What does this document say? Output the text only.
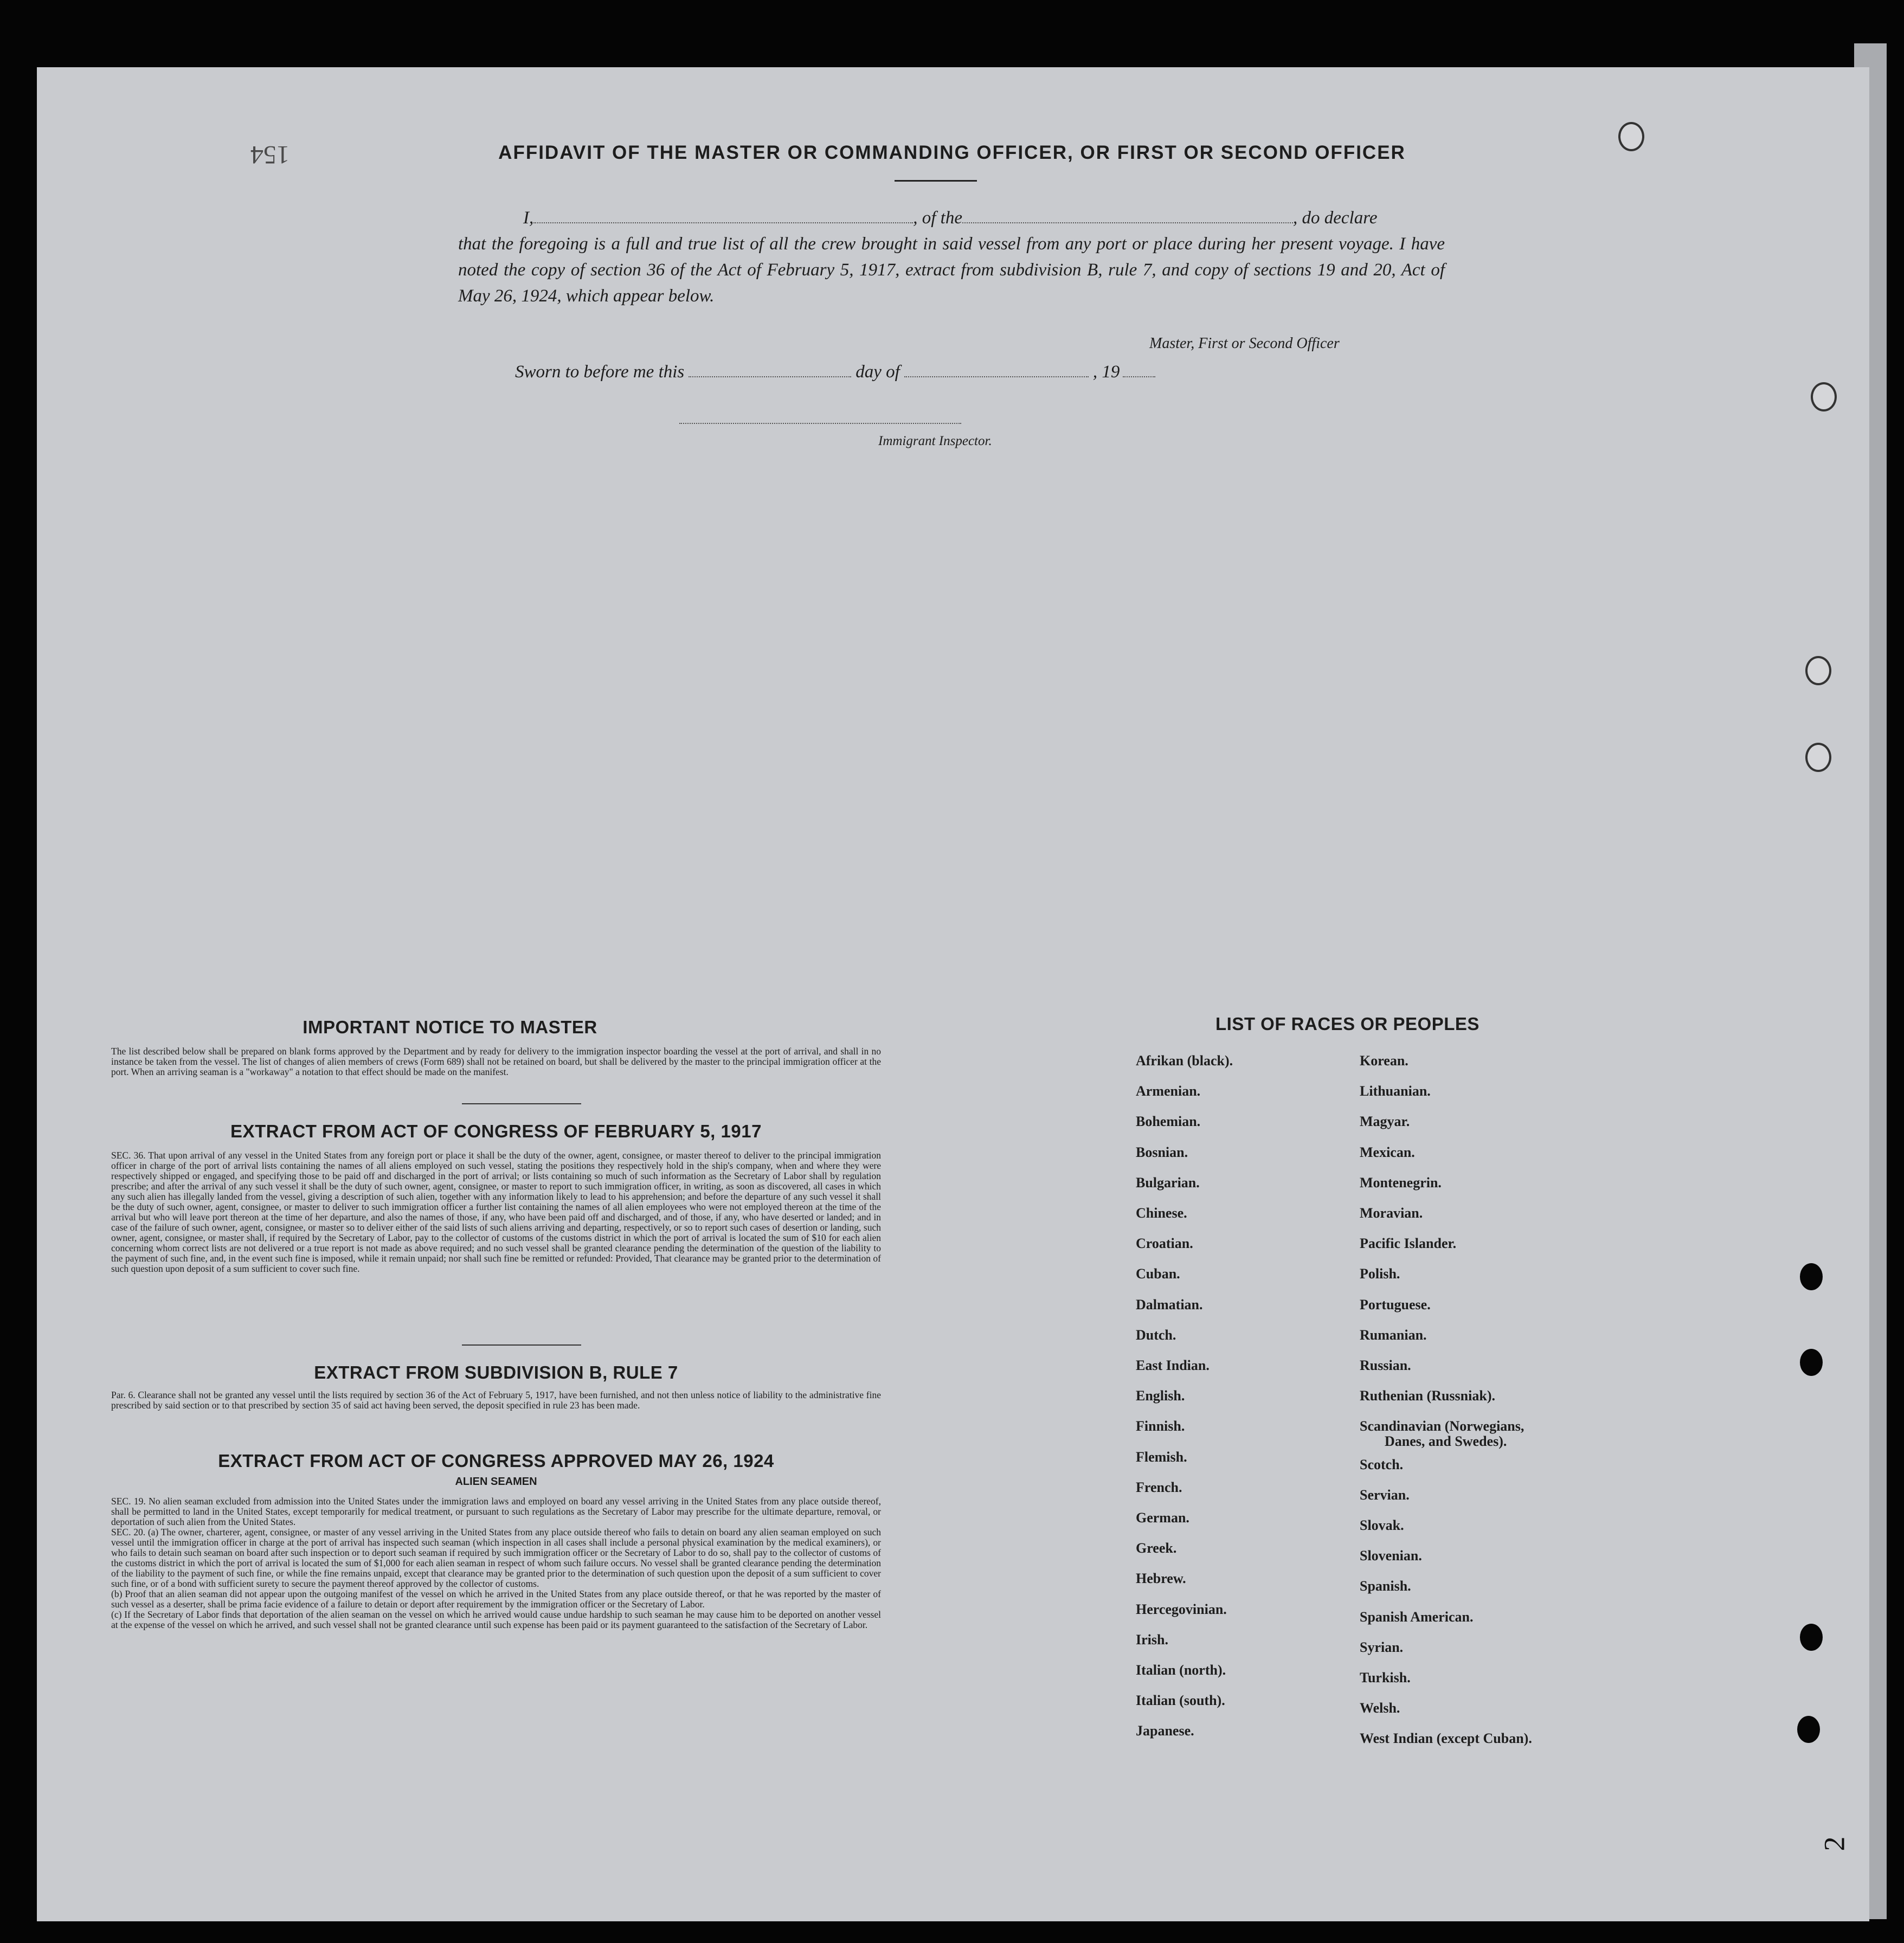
154	AFFIDAVIT OF THE MASTER OR COMMANDING OFFICER, OR FIRST OR SECOND OFFICER
I,	, of the	, do declare
that the foregoing is a full and true list of all the crew brought in said vessel from any port or place during her present voyage. I have noted the copy of section 36 of the Act of February 5, 1917, extract from subdivision B, rule 7, and copy of sections 19 and 20, Act of May 26, 1924, which appear below.
Master, First or Second Officer
Sworn to before me this	day of	, 19
Immigrant Inspector.
IMPORTANT NOTICE TO MASTER
The list described below shall be prepared on blank forms approved by the Department and by ready for delivery to the immigration inspector boarding the vessel at the port of arrival, and shall in no instance be taken from the vessel. The list of changes of alien members of crews (Form 689) shall not be retained on board, but shall be delivered by the master to the principal immigration officer at the port. When an arriving seaman is a "workaway" a notation to that effect should be made on the manifest.
EXTRACT FROM ACT OF CONGRESS OF FEBRUARY 5, 1917
SEC. 36. That upon arrival of any vessel in the United States from any foreign port or place it shall be the duty of the owner, agent, consignee, or master thereof to deliver to the principal immigration officer in charge of the port of arrival lists containing the names of all aliens employed on such vessel, stating the positions they respectively hold in the ship's company, when and where they were respectively shipped or engaged, and specifying those to be paid off and discharged in the port of arrival; or lists containing so much of such information as the Secretary of Labor shall by regulation prescribe; and after the arrival of any such vessel it shall be the duty of such owner, agent, consignee, or master to report to such immigration officer, in writing, as soon as discovered, all cases in which any such alien has illegally landed from the vessel, giving a description of such alien, together with any information likely to lead to his apprehension; and before the departure of any such vessel it shall be the duty of such owner, agent, consignee, or master to deliver to such immigration officer a further list containing the names of all alien employees who were not employed thereon at the time of the arrival but who will leave port thereon at the time of her departure, and also the names of those, if any, who have been paid off and discharged, and of those, if any, who have deserted or landed; and in case of the failure of such owner, agent, consignee, or master so to deliver either of the said lists of such aliens arriving and departing, respectively, or so to report such cases of desertion or landing, such owner, agent, consignee, or master shall, if required by the Secretary of Labor, pay to the collector of customs of the customs district in which the port of arrival is located the sum of $10 for each alien concerning whom correct lists are not delivered or a true report is not made as above required; and no such vessel shall be granted clearance pending the determination of the question of the liability to the payment of such fine, and, in the event such fine is imposed, while it remain unpaid; nor shall such fine be remitted or refunded: Provided, That clearance may be granted prior to the determination of such question upon deposit of a sum sufficient to cover such fine.
EXTRACT FROM SUBDIVISION B, RULE 7
Par. 6. Clearance shall not be granted any vessel until the lists required by section 36 of the Act of February 5, 1917, have been furnished, and not then unless notice of liability to the administrative fine prescribed by said section or to that prescribed by section 35 of said act having been served, the deposit specified in rule 23 has been made.
EXTRACT FROM ACT OF CONGRESS APPROVED MAY 26, 1924
ALIEN SEAMEN
SEC. 19. No alien seaman excluded from admission into the United States under the immigration laws and employed on board any vessel arriving in the United States from any place outside thereof, shall be permitted to land in the United States, except temporarily for medical treatment, or pursuant to such regulations as the Secretary of Labor may prescribe for the ultimate departure, removal, or deportation of such alien from the United States.
SEC. 20. (a) The owner, charterer, agent, consignee, or master of any vessel arriving in the United States from any place outside thereof who fails to detain on board any alien seaman employed on such vessel until the immigration officer in charge at the port of arrival has inspected such seaman (which inspection in all cases shall include a personal physical examination by the medical examiners), or who fails to detain such seaman on board after such inspection or to deport such seaman if required by such immigration officer or the Secretary of Labor to do so, shall pay to the collector of customs of the customs district in which the port of arrival is located the sum of $1,000 for each alien seaman in respect of whom such failure occurs. No vessel shall be granted clearance pending the determination of the liability to the payment of such fine, or while the fine remains unpaid, except that clearance may be granted prior to the determination of such question upon the deposit of a sum sufficient to cover such fine, or of a bond with sufficient surety to secure the payment thereof approved by the collector of customs.
(b) Proof that an alien seaman did not appear upon the outgoing manifest of the vessel on which he arrived in the United States from any place outside thereof, or that he was reported by the master of such vessel as a deserter, shall be prima facie evidence of a failure to detain or deport after requirement by the immigration officer or the Secretary of Labor.
(c) If the Secretary of Labor finds that deportation of the alien seaman on the vessel on which he arrived would cause undue hardship to such seaman he may cause him to be deported on another vessel at the expense of the vessel on which he arrived, and such vessel shall not be granted clearance until such expense has been paid or its payment guaranteed to the satisfaction of the Secretary of Labor.
LIST OF RACES OR PEOPLES
Afrikan (black).
Armenian.
Bohemian.
Bosnian.
Bulgarian.
Chinese.
Croatian.
Cuban.
Dalmatian.
Dutch.
East Indian.
English.
Finnish.
Flemish.
French.
German.
Greek.
Hebrew.
Hercegovinian.
Irish.
Italian (north).
Italian (south).
Japanese.
Korean.
Lithuanian.
Magyar.
Mexican.
Montenegrin.
Moravian.
Pacific Islander.
Polish.
Portuguese.
Rumanian.
Russian.
Ruthenian (Russniak).
Scandinavian (Norwegians,
Danes, and Swedes).
Scotch.
Servian.
Slovak.
Slovenian.
Spanish.
Spanish American.
Syrian.
Turkish.
Welsh.
West Indian (except Cuban).
2
